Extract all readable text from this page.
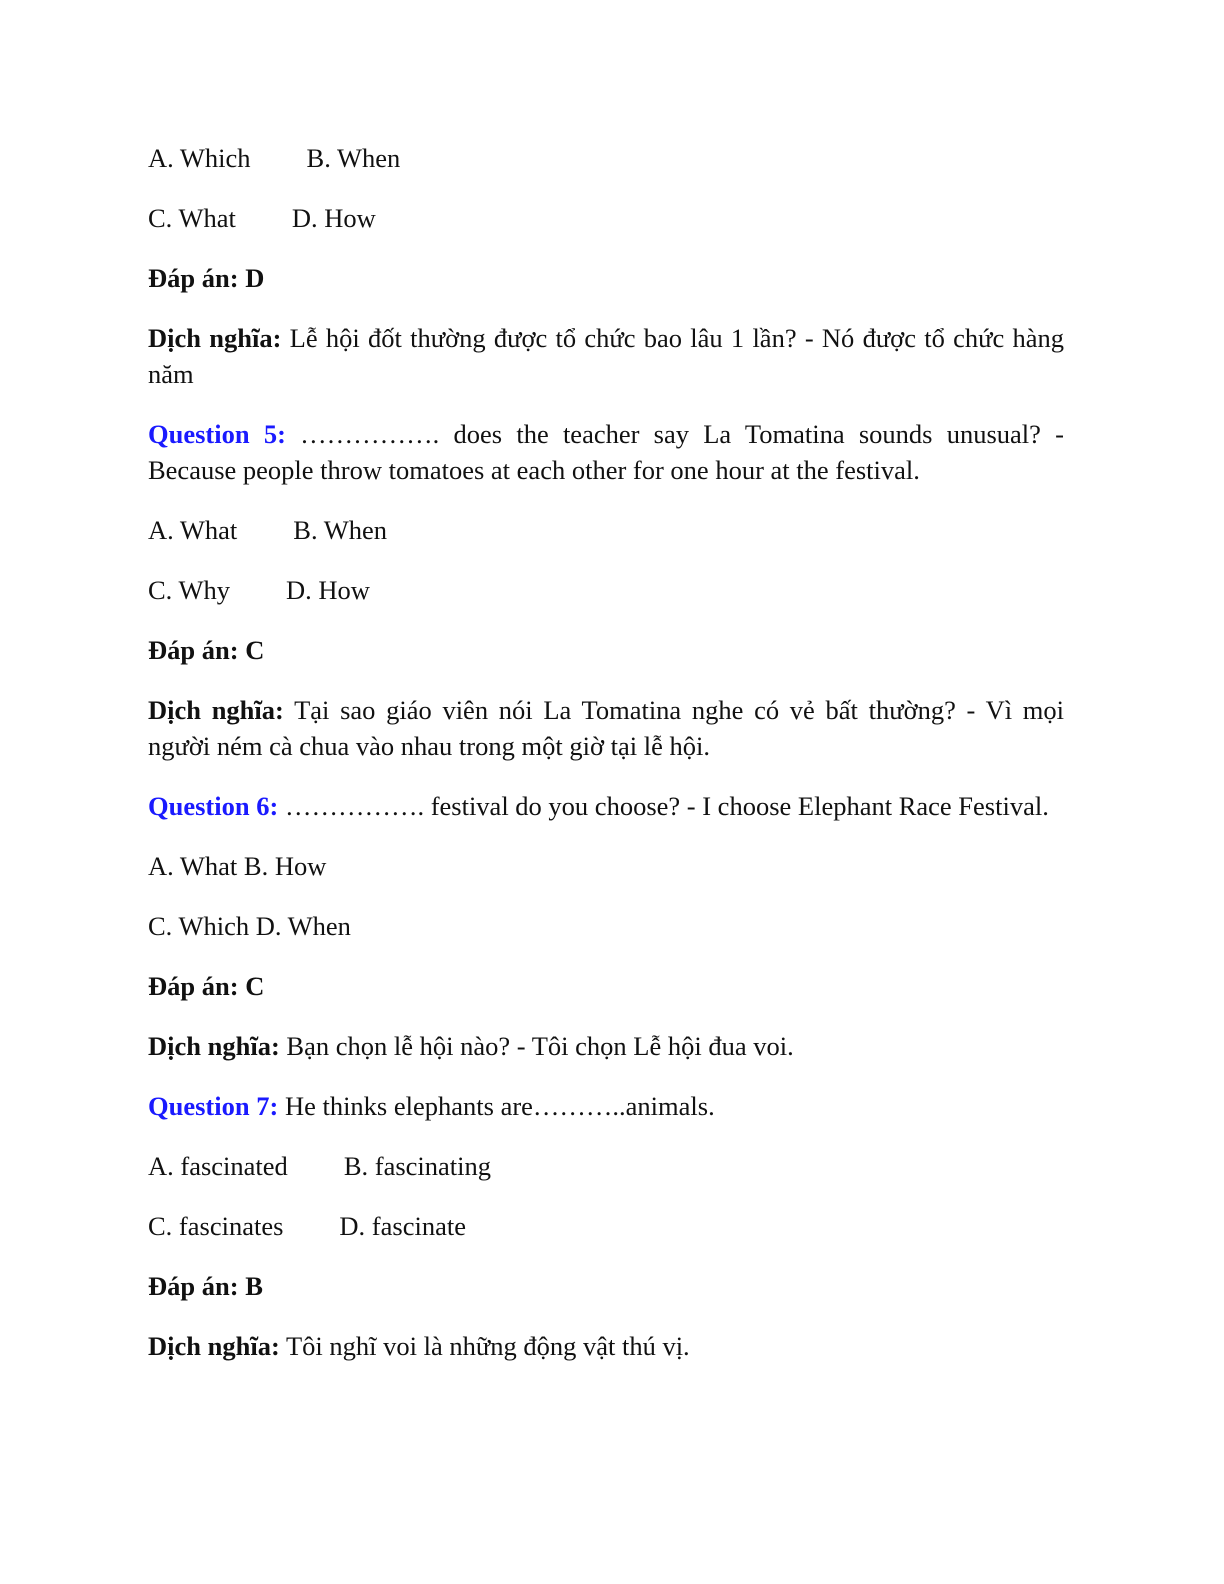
A. Which B. When

C. What D. How

Đáp án: D

Dịch nghĩa: Lễ hội đốt thường được tổ chức bao lâu 1 lần? - Nó được tổ chức hàng năm

Question 5: ……………. does the teacher say La Tomatina sounds unusual? - Because people throw tomatoes at each other for one hour at the festival.

A. What B. When

C. Why D. How

Đáp án: C

Dịch nghĩa: Tại sao giáo viên nói La Tomatina nghe có vẻ bất thường? - Vì mọi người ném cà chua vào nhau trong một giờ tại lễ hội.

Question 6: ……………. festival do you choose? - I choose Elephant Race Festival.

A. What B. How

C. Which D. When

Đáp án: C

Dịch nghĩa: Bạn chọn lễ hội nào? - Tôi chọn Lễ hội đua voi.

Question 7: He thinks elephants are………..animals.

A. fascinated B. fascinating

C. fascinates D. fascinate

Đáp án: B

Dịch nghĩa: Tôi nghĩ voi là những động vật thú vị.
